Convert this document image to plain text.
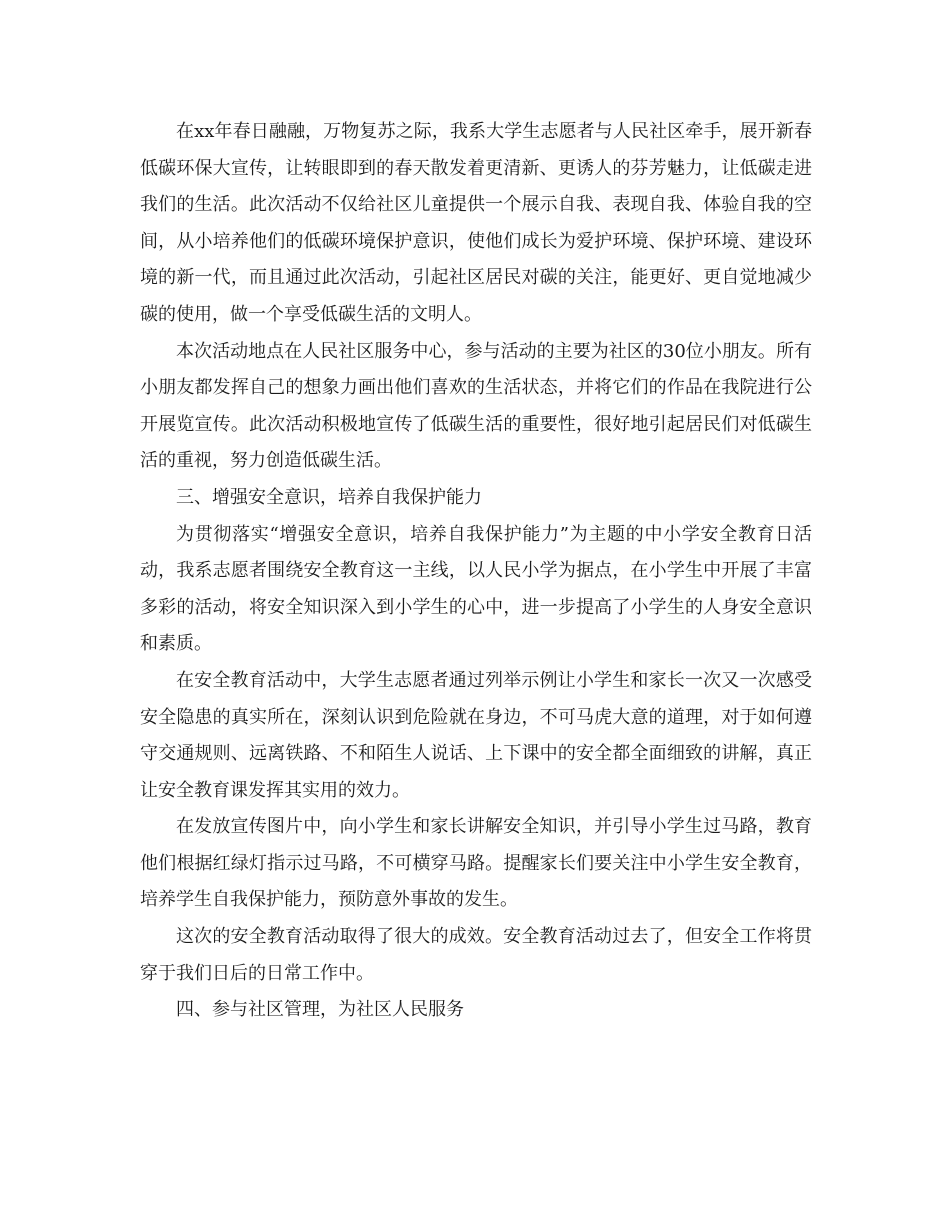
在xx年春日融融，万物复苏之际，我系大学生志愿者与人民社区牵手，展开新春低碳环保大宣传，让转眼即到的春天散发着更清新、更诱人的芬芳魅力，让低碳走进我们的生活。此次活动不仅给社区儿童提供一个展示自我、表现自我、体验自我的空间，从小培养他们的低碳环境保护意识，使他们成长为爱护环境、保护环境、建设环境的新一代，而且通过此次活动，引起社区居民对碳的关注，能更好、更自觉地减少碳的使用，做一个享受低碳生活的文明人。

本次活动地点在人民社区服务中心，参与活动的主要为社区的30位小朋友。所有小朋友都发挥自己的想象力画出他们喜欢的生活状态，并将它们的作品在我院进行公开展览宣传。此次活动积极地宣传了低碳生活的重要性，很好地引起居民们对低碳生活的重视，努力创造低碳生活。

三、增强安全意识，培养自我保护能力

为贯彻落实“增强安全意识，培养自我保护能力”为主题的中小学安全教育日活动，我系志愿者围绕安全教育这一主线，以人民小学为据点，在小学生中开展了丰富多彩的活动，将安全知识深入到小学生的心中，进一步提高了小学生的人身安全意识和素质。

在安全教育活动中，大学生志愿者通过列举示例让小学生和家长一次又一次感受安全隐患的真实所在，深刻认识到危险就在身边，不可马虎大意的道理，对于如何遵守交通规则、远离铁路、不和陌生人说话、上下课中的安全都全面细致的讲解，真正让安全教育课发挥其实用的效力。

在发放宣传图片中，向小学生和家长讲解安全知识，并引导小学生过马路，教育他们根据红绿灯指示过马路，不可横穿马路。提醒家长们要关注中小学生安全教育，培养学生自我保护能力，预防意外事故的发生。

这次的安全教育活动取得了很大的成效。安全教育活动过去了，但安全工作将贯穿于我们日后的日常工作中。

四、参与社区管理，为社区人民服务
